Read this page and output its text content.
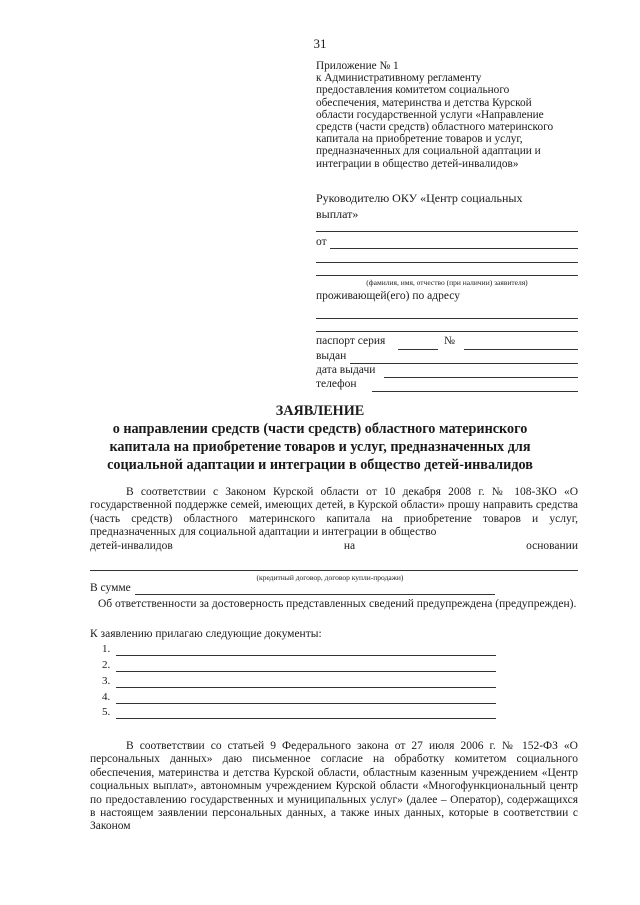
31
Приложение № 1
к Административному регламенту
предоставления комитетом социального
обеспечения, материнства и детства Курской
области государственной услуги «Направление
средств (части средств) областного материнского
капитала на приобретение товаров и услуг,
предназначенных для социальной адаптации и
интеграции в общество детей-инвалидов»
Руководителю ОКУ «Центр социальных
выплат»
от
(фамилия, имя, отчество (при наличии) заявителя)
проживающей(его) по адресу
паспорт серия	№
выдан
дата выдачи
телефон
ЗАЯВЛЕНИЕ
о направлении средств (части средств) областного материнского
капитала на приобретение товаров и услуг, предназначенных для
социальной адаптации и интеграции в общество детей-инвалидов
В соответствии с Законом Курской области от 10 декабря 2008 г. № 108-ЗКО «О государственной поддержке семей, имеющих детей, в Курской области» прошу направить средства (часть средств) областного материнского капитала на приобретение товаров и услуг, предназначенных для социальной адаптации и интеграции в общество
детей-инвалидов	на	основании
(кредитный договор, договор купли-продажи)
В сумме
Об ответственности за достоверность представленных сведений предупреждена (предупрежден).
К заявлению прилагаю следующие документы:
1.
2.
3.
4.
5.
В соответствии со статьей 9 Федерального закона от 27 июля 2006 г. № 152-ФЗ «О персональных данных» даю письменное согласие на обработку комитетом социального обеспечения, материнства и детства Курской области, областным казенным учреждением «Центр социальных выплат», автономным учреждением Курской области «Многофункциональный центр по предоставлению государственных и муниципальных услуг» (далее – Оператор), содержащихся в настоящем заявлении персональных данных, а также иных данных, которые в соответствии с Законом
